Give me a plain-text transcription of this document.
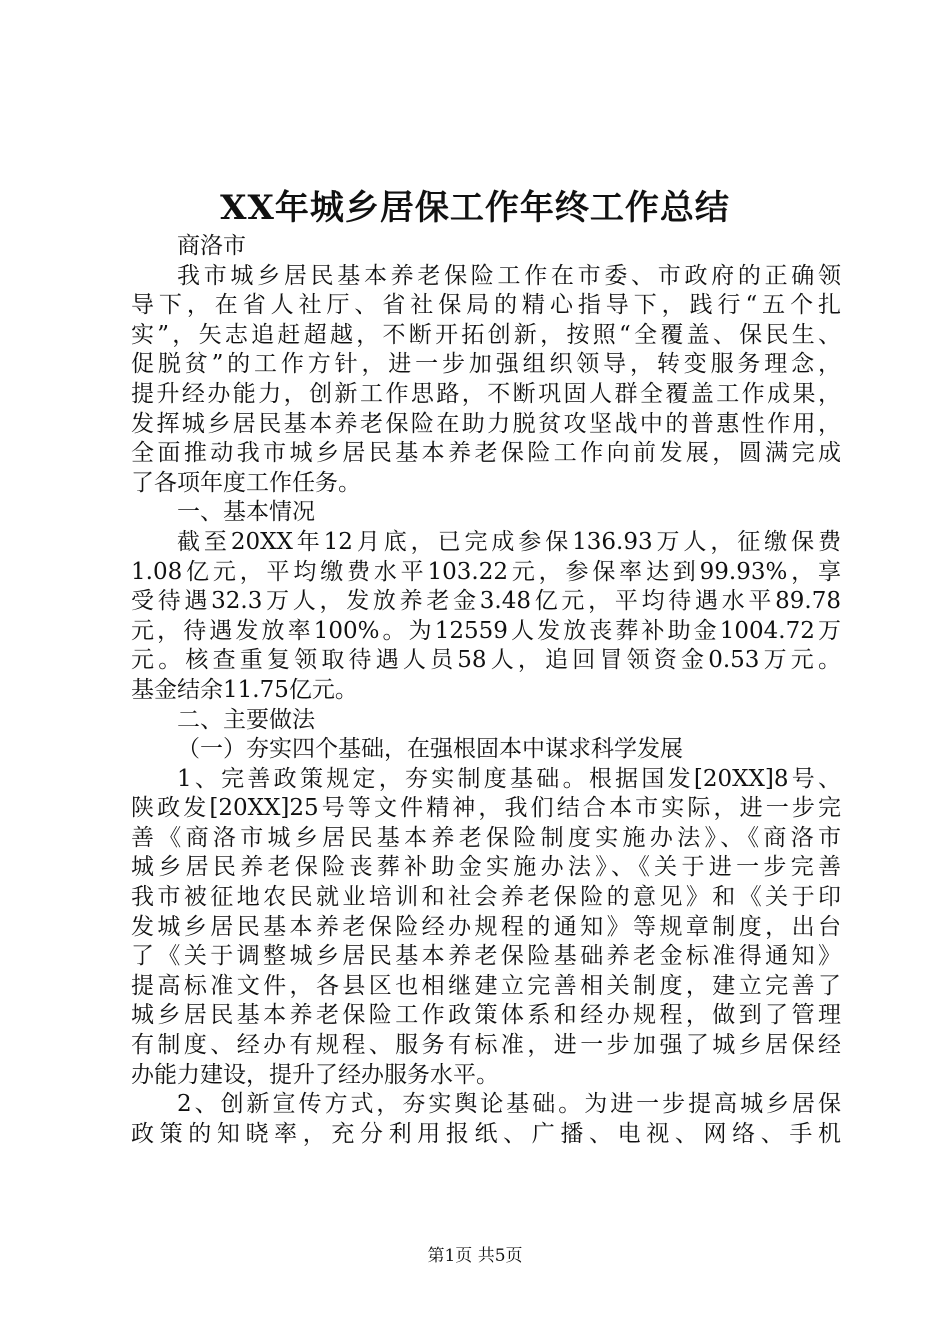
XX年城乡居保工作年终工作总结
商洛市
我市城乡居民基本养老保险工作在市委、市政府的正确领
导下，在省人社厅、省社保局的精心指导下，践行“五个扎
实”，矢志追赶超越，不断开拓创新，按照“全覆盖、保民生、
促脱贫”的工作方针，进一步加强组织领导，转变服务理念，
提升经办能力，创新工作思路，不断巩固人群全覆盖工作成果，
发挥城乡居民基本养老保险在助力脱贫攻坚战中的普惠性作用，
全面推动我市城乡居民基本养老保险工作向前发展，圆满完成
了各项年度工作任务。
一、基本情况
截至20XX年12月底，已完成参保136.93万人，征缴保费
1.08亿元，平均缴费水平103.22元，参保率达到99.93%，享
受待遇32.3万人，发放养老金3.48亿元，平均待遇水平89.78
元，待遇发放率100%。为12559人发放丧葬补助金1004.72万
元。核查重复领取待遇人员58人，追回冒领资金0.53万元。
基金结余11.75亿元。
二、主要做法
（一）夯实四个基础，在强根固本中谋求科学发展
1、完善政策规定，夯实制度基础。根据国发[20XX]8号、
陕政发[20XX]25号等文件精神，我们结合本市实际，进一步完
善《商洛市城乡居民基本养老保险制度实施办法》、《商洛市
城乡居民养老保险丧葬补助金实施办法》、《关于进一步完善
我市被征地农民就业培训和社会养老保险的意见》和《关于印
发城乡居民基本养老保险经办规程的通知》等规章制度，出台
了《关于调整城乡居民基本养老保险基础养老金标准得通知》
提高标准文件，各县区也相继建立完善相关制度，建立完善了
城乡居民基本养老保险工作政策体系和经办规程，做到了管理
有制度、经办有规程、服务有标准，进一步加强了城乡居保经
办能力建设，提升了经办服务水平。
2、创新宣传方式，夯实舆论基础。为进一步提高城乡居保
政策的知晓率，充分利用报纸、广播、电视、网络、手机
第1页 共5页
